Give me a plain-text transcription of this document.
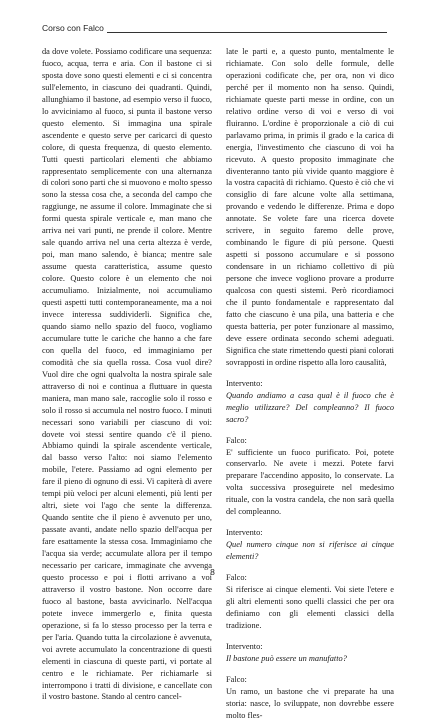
Corso con Falco

da dove volete. Possiamo codificare una sequenza: fuoco, acqua, terra e aria. Con il bastone ci si sposta dove sono questi elementi e ci si concentra sull'elemento, in ciascuno dei quadranti. Quindi, allunghiamo il bastone, ad esempio verso il fuoco, lo avviciniamo al fuoco, si punta il bastone verso questo elemento. Si immagina una spirale ascendente e questo serve per caricarci di questo colore, di questa frequenza, di questo elemento. Tutti questi particolari elementi che abbiamo rappresentato semplicemente con una alternanza di colori sono parti che si muovono e molto spesso sono la stessa cosa che, a seconda del campo che raggiunge, ne assume il colore. Immaginate che si formi questa spirale verticale e, man mano che arriva nei vari punti, ne prende il colore. Mentre sale quando arriva nel una certa altezza è verde, poi, man mano salendo, è bianca; mentre sale assume questa caratteristica, assume questo colore. Questo colore è un elemento che noi accumuliamo. Inizialmente, noi accumuliamo questi aspetti tutti contemporaneamente, ma a noi invece interessa suddividerli. Significa che, quando siamo nello spazio del fuoco, vogliamo accumulare tutte le cariche che hanno a che fare con quella del fuoco, ed immaginiamo per comodità che sia quella rossa. Cosa vuol dire? Vuol dire che ogni qualvolta la nostra spirale sale attraverso di noi e continua a fluttuare in questa maniera, man mano sale, raccoglie solo il rosso e solo il rosso si accumula nel nostro fuoco. I minuti necessari sono variabili per ciascuno di voi: dovete voi stessi sentire quando c'è il pieno. Abbiamo quindi la spirale ascendente verticale, dal basso verso l'alto: noi siamo l'elemento mobile, l'etere. Passiamo ad ogni elemento per fare il pieno di ognuno di essi. Vi capiterà di avere tempi più veloci per alcuni elementi, più lenti per altri, siete voi l'ago che sente la differenza. Quando sentite che il pieno è avvenuto per uno, passate avanti, andate nello spazio dell'acqua per fare esattamente la stessa cosa. Immaginiamo che l'acqua sia verde; accumulate allora per il tempo necessario per caricare, immaginate che avvenga questo processo e poi i flotti arrivano a voi attraverso il vostro bastone. Non occorre dare fuoco al bastone, basta avvicinarlo. Nell'acqua potete invece immergerlo e, finita questa operazione, si fa lo stesso processo per la terra e per l'aria. Quando tutta la circolazione è avvenuta, voi avrete accumulato la concentrazione di questi elementi in ciascuna di queste parti, vi portate al centro e le richiamate. Per richiamarle si interrompono i tratti di divisione, e cancellate con il vostro bastone. Stando al centro cancel-

late le parti e, a questo punto, mentalmente le richiamate. Con solo delle formule, delle operazioni codificate che, per ora, non vi dico perché per il momento non ha senso. Quindi, richiamate queste parti messe in ordine, con un relativo ordine verso di voi e verso di voi fluiranno. L'ordine è proporzionale a ciò di cui parlavamo prima, in primis il grado e la carica di energia, l'investimento che ciascuno di voi ha ricevuto. A questo proposito immaginate che diventeranno tanto più vivide quanto maggiore è la vostra capacità di richiamo. Questo è ciò che vi consiglio di fare alcune volte alla settimana, provando e vedendo le differenze. Prima e dopo annotate. Se volete fare una ricerca dovete scrivere, in seguito faremo delle prove, combinando le figure di più persone. Questi aspetti si possono accumulare e si possono condensare in un richiamo collettivo di più persone che invece vogliono provare a produrre qualcosa con questi sistemi. Però ricordiamoci che il punto fondamentale e rappresentato dal fatto che ciascuno è una pila, una batteria e che questa batteria, per poter funzionare al massimo, deve essere ordinata secondo schemi adeguati. Significa che state rimettendo questi piani colorati sovrapposti in ordine rispetto alla loro causalità,

Intervento:

Quando andiamo a casa qual è il fuoco che è meglio utilizzare? Del compleanno? Il fuoco sacro?

Falco:

E' sufficiente un fuoco purificato. Poi, potete conservarlo. Ne avete i mezzi. Potete farvi preparare l'accendino apposito, lo conservate. La volta successiva proseguirete nel medesimo rituale, con la vostra candela, che non sarà quella del compleanno.

Intervento:

Quel numero cinque non si riferisce ai cinque elementi?

Falco:

Si riferisce ai cinque elementi. Voi siete l'etere e gli altri elementi sono quelli classici che per ora definiamo con gli elementi classici della tradizione.

Intervento:

Il bastone può essere un manufatto?

Falco:

Un ramo, un bastone che vi preparate ha una storia: nasce, lo sviluppate, non dovrebbe essere molto fles-

8
